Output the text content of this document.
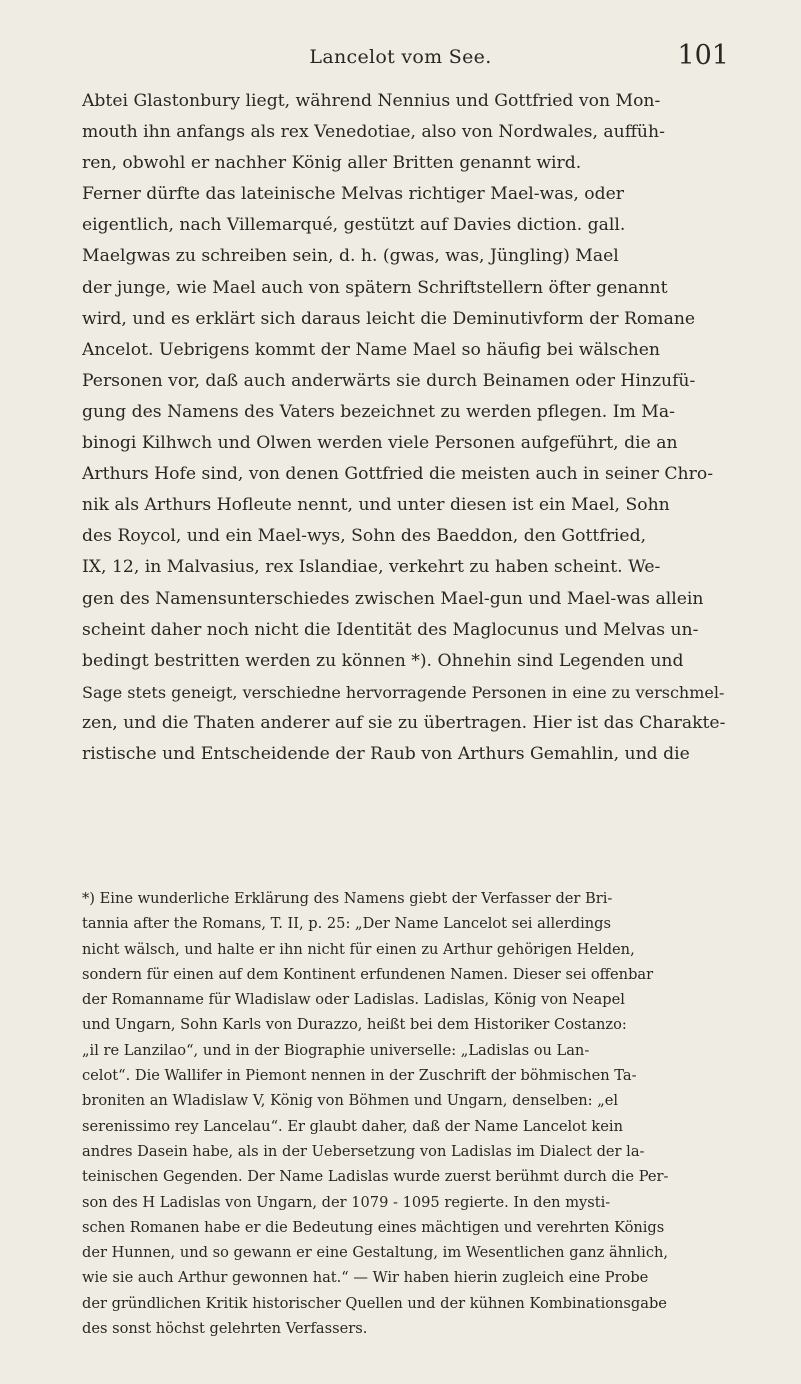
Lancelot vom See.	101
Abtei Glastonbury liegt, während Nennius und Gottfried von Mon-
mouth ihn anfangs als rex Venedotiae, also von Nordwales, auffüh-
ren, obwohl er nachher König aller Britten genannt wird.
Ferner dürfte das lateinische Melvas richtiger Mael-was, oder
eigentlich, nach Villemarqué, gestützt auf Davies diction. gall.
Maelgwas zu schreiben sein, d. h. (gwas, was, Jüngling) Mael
der junge, wie Mael auch von spätern Schriftstellern öfter genannt
wird, und es erklärt sich daraus leicht die Deminutivform der Romane
Ancelot. Uebrigens kommt der Name Mael so häufig bei wälschen
Personen vor, daß auch anderwärts sie durch Beinamen oder Hinzufü-
gung des Namens des Vaters bezeichnet zu werden pflegen. Im Ma-
binogi Kilhwch und Olwen werden viele Personen aufgeführt, die an
Arthurs Hofe sind, von denen Gottfried die meisten auch in seiner Chro-
nik als Arthurs Hofleute nennt, und unter diesen ist ein Mael, Sohn
des Roycol, und ein Mael-wys, Sohn des Baeddon, den Gottfried,
IX, 12, in Malvasius, rex Islandiae, verkehrt zu haben scheint. We-
gen des Namensunterschiedes zwischen Mael-gun und Mael-was allein
scheint daher noch nicht die Identität des Maglocunus und Melvas un-
bedingt bestritten werden zu können *). Ohnehin sind Legenden und
Sage stets geneigt, verschiedne hervorragende Personen in eine zu verschmel-
zen, und die Thaten anderer auf sie zu übertragen. Hier ist das Charakte-
ristische und Entscheidende der Raub von Arthurs Gemahlin, und die
*) Eine wunderliche Erklärung des Namens giebt der Verfasser der Bri-
tannia after the Romans, T. II, p. 25: „Der Name Lancelot sei allerdings
nicht wälsch, und halte er ihn nicht für einen zu Arthur gehörigen Helden,
sondern für einen auf dem Kontinent erfundenen Namen. Dieser sei offenbar
der Romanname für Wladislaw oder Ladislas. Ladislas, König von Neapel
und Ungarn, Sohn Karls von Durazzo, heißt bei dem Historiker Costanzo:
„il re Lanzilao“, und in der Biographie universelle: „Ladislas ou Lan-
celot“. Die Wallifer in Piemont nennen in der Zuschrift der böhmischen Ta-
broniten an Wladislaw V, König von Böhmen und Ungarn, denselben: „el
serenissimo rey Lancelau“. Er glaubt daher, daß der Name Lancelot kein
andres Dasein habe, als in der Uebersetzung von Ladislas im Dialect der la-
teinischen Gegenden. Der Name Ladislas wurde zuerst berühmt durch die Per-
son des H Ladislas von Ungarn, der 1079 - 1095 regierte. In den mysti-
schen Romanen habe er die Bedeutung eines mächtigen und verehrten Königs
der Hunnen, und so gewann er eine Gestaltung, im Wesentlichen ganz ähnlich,
wie sie auch Arthur gewonnen hat.“ — Wir haben hierin zugleich eine Probe
der gründlichen Kritik historischer Quellen und der kühnen Kombinationsgabe
des sonst höchst gelehrten Verfassers.
